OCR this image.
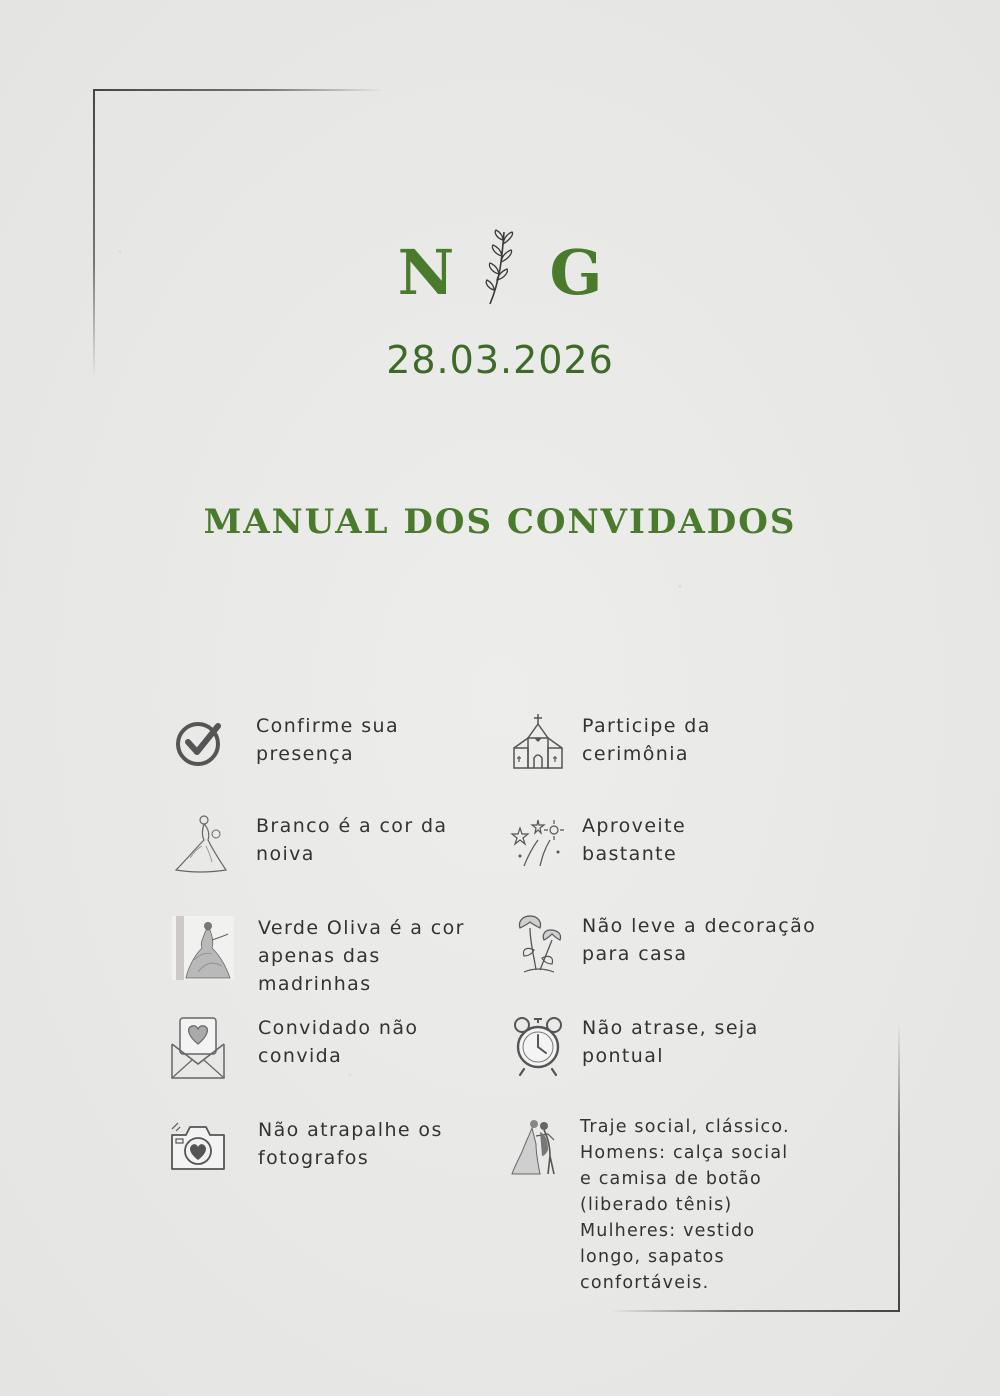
N G
28.03.2026
MANUAL DOS CONVIDADOS
Confirme sua
presença
Participe da
cerimônia
Branco é a cor da
noiva
Aproveite
bastante
Verde Oliva é a cor
apenas das
madrinhas
Não leve a decoração
para casa
Convidado não
convida
Não atrase, seja
pontual
Não atrapalhe os
fotografos
Traje social, clássico.
Homens: calça social
e camisa de botão
(liberado tênis)
Mulheres: vestido
longo, sapatos
confortáveis.
